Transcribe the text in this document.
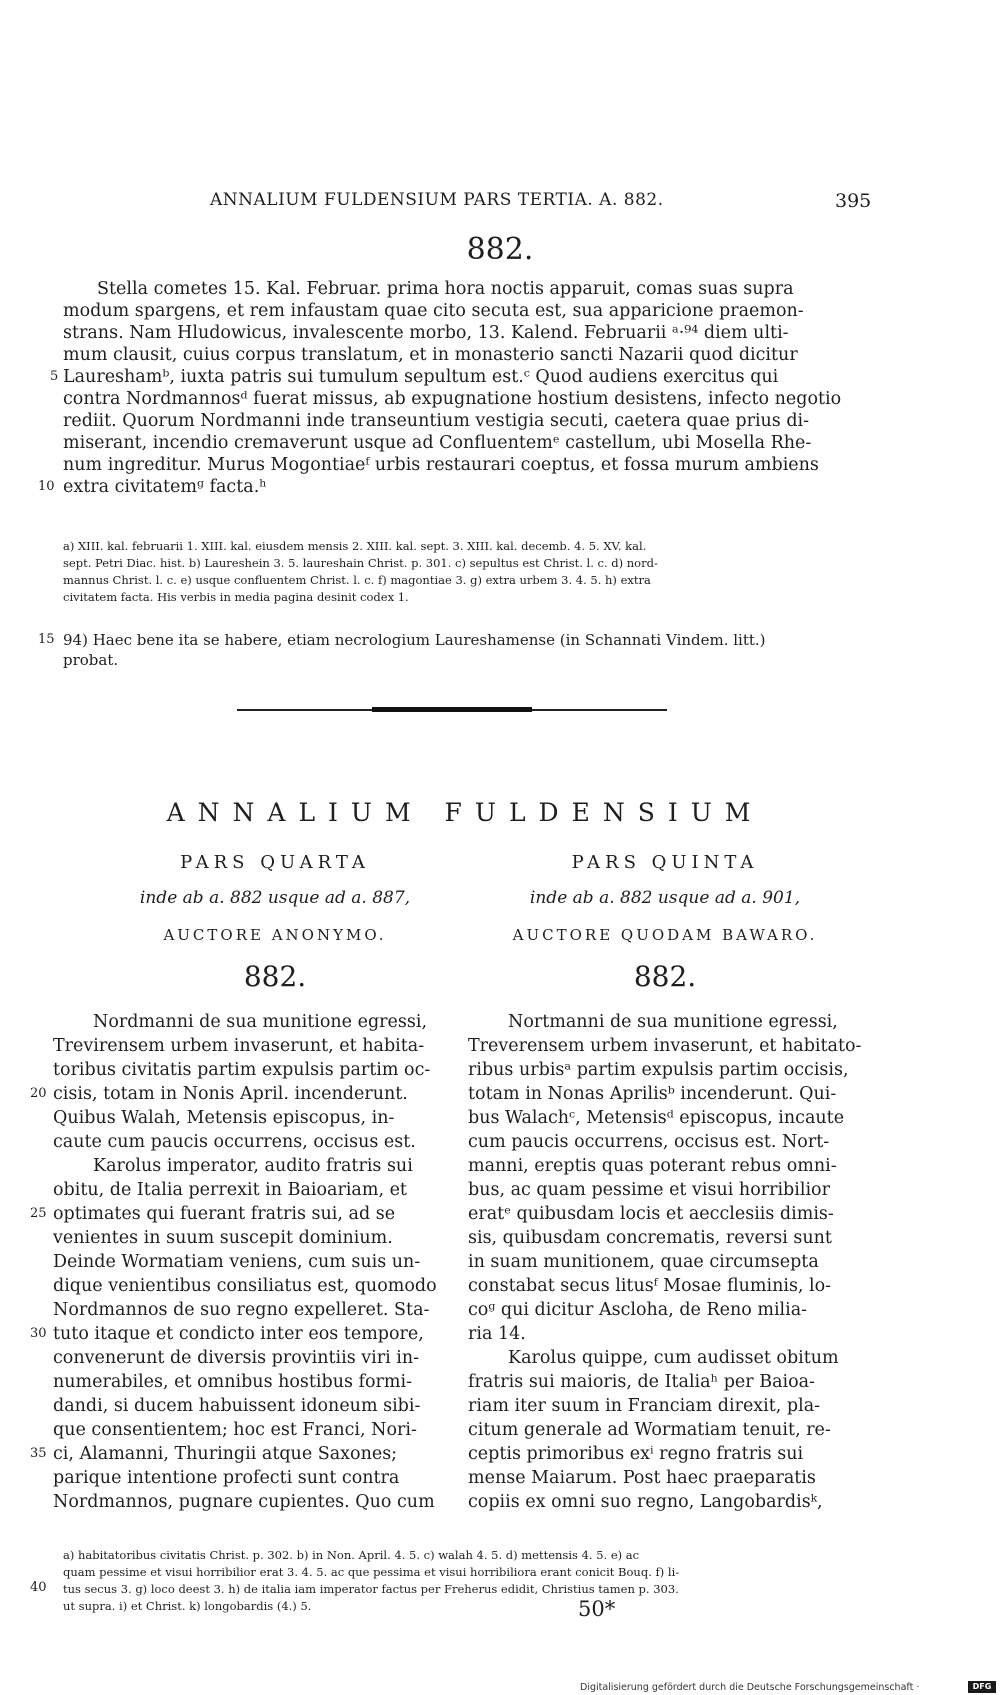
ANNALIUM FULDENSIUM PARS TERTIA. A. 882.	395
882.
Stella cometes 15. Kal. Februar. prima hora noctis apparuit, comas suas supra
modum spargens, et rem infaustam quae cito secuta est, sua apparicione praemon-
strans. Nam Hludowicus, invalescente morbo, 13. Kalend. Februarii ᵃ·⁹⁴ diem ulti-
mum clausit, cuius corpus translatum, et in monasterio sancti Nazarii quod dicitur
Laureshamᵇ, iuxta patris sui tumulum sepultum est.ᶜ Quod audiens exercitus qui
contra Nordmannosᵈ fuerat missus, ab expugnatione hostium desistens, infecto negotio
rediit. Quorum Nordmanni inde transeuntium vestigia secuti, caetera quae prius di-
miserant, incendio cremaverunt usque ad Confluentemᵉ castellum, ubi Mosella Rhe-
num ingreditur. Murus Mogontiaeᶠ urbis restaurari coeptus, et fossa murum ambiens
extra civitatemᵍ facta.ʰ
5
10
a) XIII. kal. februarii 1. XIII. kal. eiusdem mensis 2. XIII. kal. sept. 3. XIII. kal. decemb. 4. 5. XV. kal.
sept. Petri Diac. hist. b) Laureshein 3. 5. laureshain Christ. p. 301. c) sepultus est Christ. l. c. d) nord-
mannus Christ. l. c. e) usque confluentem Christ. l. c. f) magontiae 3. g) extra urbem 3. 4. 5. h) extra
civitatem facta. His verbis in media pagina desinit codex 1.
15 94) Haec bene ita se habere, etiam necrologium Laureshamense (in Schannati Vindem. litt.)
probat.
ANNALIUM FULDENSIUM
PARS QUARTA
inde ab a. 882 usque ad a. 887,
AUCTORE ANONYMO.
882.
PARS QUINTA
inde ab a. 882 usque ad a. 901,
AUCTORE QUODAM BAWARO.
882.
Nordmanni de sua munitione egressi,
Trevirensem urbem invaserunt, et habita-
toribus civitatis partim expulsis partim oc-
cisis, totam in Nonis April. incenderunt.
Quibus Walah, Metensis episcopus, in-
caute cum paucis occurrens, occisus est.
Karolus imperator, audito fratris sui
obitu, de Italia perrexit in Baioariam, et
optimates qui fuerant fratris sui, ad se
venientes in suum suscepit dominium.
Deinde Wormatiam veniens, cum suis un-
dique venientibus consiliatus est, quomodo
Nordmannos de suo regno expelleret. Sta-
tuto itaque et condicto inter eos tempore,
convenerunt de diversis provintiis viri in-
numerabiles, et omnibus hostibus formi-
dandi, si ducem habuissent idoneum sibi-
que consentientem; hoc est Franci, Nori-
ci, Alamanni, Thuringii atque Saxones;
parique intentione profecti sunt contra
Nordmannos, pugnare cupientes. Quo cum
20
25
30
35
Nortmanni de sua munitione egressi,
Treverensem urbem invaserunt, et habitato-
ribus urbisᵃ partim expulsis partim occisis,
totam in Nonas Aprilisᵇ incenderunt. Qui-
bus Walachᶜ, Metensisᵈ episcopus, incaute
cum paucis occurrens, occisus est. Nort-
manni, ereptis quas poterant rebus omni-
bus, ac quam pessime et visui horribilior
eratᵉ quibusdam locis et aecclesiis dimis-
sis, quibusdam concrematis, reversi sunt
in suam munitionem, quae circumsepta
constabat secus litusᶠ Mosae fluminis, lo-
coᵍ qui dicitur Ascloha, de Reno milia-
ria 14.
Karolus quippe, cum audisset obitum
fratris sui maioris, de Italiaʰ per Baioa-
riam iter suum in Franciam direxit, pla-
citum generale ad Wormatiam tenuit, re-
ceptis primoribus exⁱ regno fratris sui
mense Maiarum. Post haec praeparatis
copiis ex omni suo regno, Langobardisᵏ,
a) habitatoribus civitatis Christ. p. 302. b) in Non. April. 4. 5. c) walah 4. 5. d) mettensis 4. 5. e) ac
quam pessime et visui horribilior erat 3. 4. 5. ac que pessima et visui horribiliora erant conicit Bouq. f) li-
tus secus 3. g) loco deest 3. h) de italia iam imperator factus per Freherus edidit, Christius tamen p. 303.
ut supra. i) et Christ. k) longobardis (4.) 5.
40
50*
Digitalisierung gefördert durch die Deutsche Forschungsgemeinschaft ·	DFG
